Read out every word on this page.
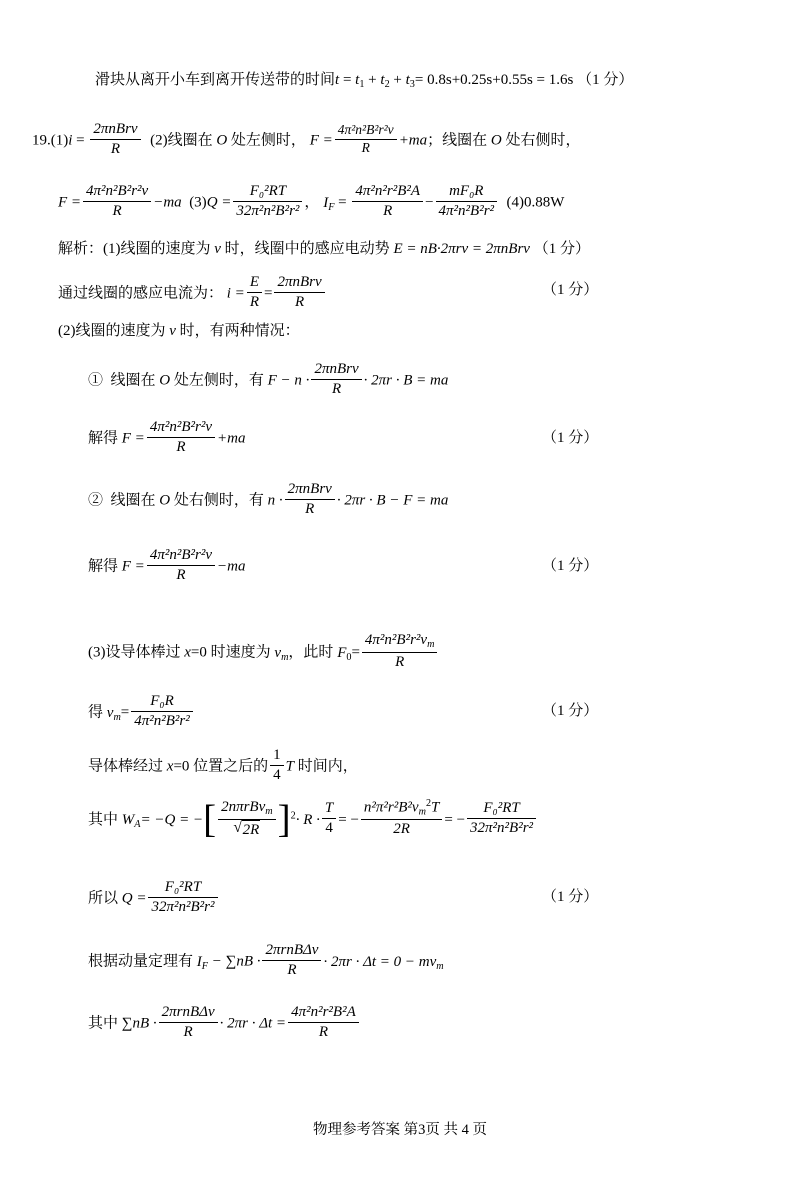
滑块从离开小车到离开传送带的时间$t = t_1 + t_2 + t_3= 0.8s+0.25s+0.55s = 1.6s$ （1 分）
$19.(1)i = \frac{\text{2πnBrv}}{R} (2)$线圈在 O 处左侧时， $F = \frac{\text{4π²n²B²r²v}}{R} +ma$；线圈在 O 处右侧时，
$F = \frac{\text{4π²n²B²r²v}}{R} -ma$ $(3)Q = \frac{\text{F₀²RT}}{\text{32π²n²B²r²}}$ ， $I_F = \frac{\text{4π²n²r²B²A}}{R} - \frac{\text{mF₀R}}{\text{4π²n²B²r²}} (4)0.88W$
解析：(1)线圈的速度为 v 时，线圈中的感应电动势 E = nB·2πrv = 2πnBrv （1 分）
通过线圈的感应电流为： $i = \frac{E}{R} = \frac{\text{2πnBrv}}{R}$	（1 分）
(2)线圈的速度为 v 时，有两种情况：
① 线圈在 O 处左侧时，有 $F - n \cdot \frac{\text{2πnBrv}}{R} \cdot 2\pi r \cdot B$ = ma
解得 $F = \frac{\text{4π²n²B²r²v}}{R} +ma$	（1 分）
② 线圈在 O 处右侧时，有 $n \cdot \frac{\text{2πnBrv}}{R} \cdot 2\pi r \cdot B - F$ = ma
解得 $F = \frac{\text{4π²n²B²r²v}}{R} -ma$	（1 分）
(3)设导体棒过 x=0 时速度为 $v_m$，此时 $F_0= \frac{4\pi^2n^2B^2r^2v_m}{R}$
得 $v_m= \frac{\text{F₀R}}{\text{4π²n²B²r²}}$	（1 分）
导体棒经过 x=0 位置之后的 $\frac{1}{4}$ T 时间内，
其中 $W_A= -Q$ = −[ 2nπrBv$_m$
√ 2R ]$^2\cdot R \cdot \frac{T}{4}$ = − $\frac{n^2\pi^2r^2B^2v_m^2T}{2R}$ = − $\frac{\text{F₀²RT}}{\text{32π²n²B²r²}}$
所以 $Q = \frac{\text{F₀²RT}}{\text{32π²n²B²r²}}$	（1 分）
根据动量定理有 $I_F - \sum nB \cdot \frac{\text{2πrnBΔv}}{R} \cdot 2\pi r \cdot \Delta t = 0 - mv_m$
其中 $\sum nB \cdot \frac{\text{2πrnBΔv}}{R} \cdot 2\pi r \cdot \Delta t = \frac{\text{4π²n²r²B²A}}{R}$
物理参考答案 第3页 共 4 页
